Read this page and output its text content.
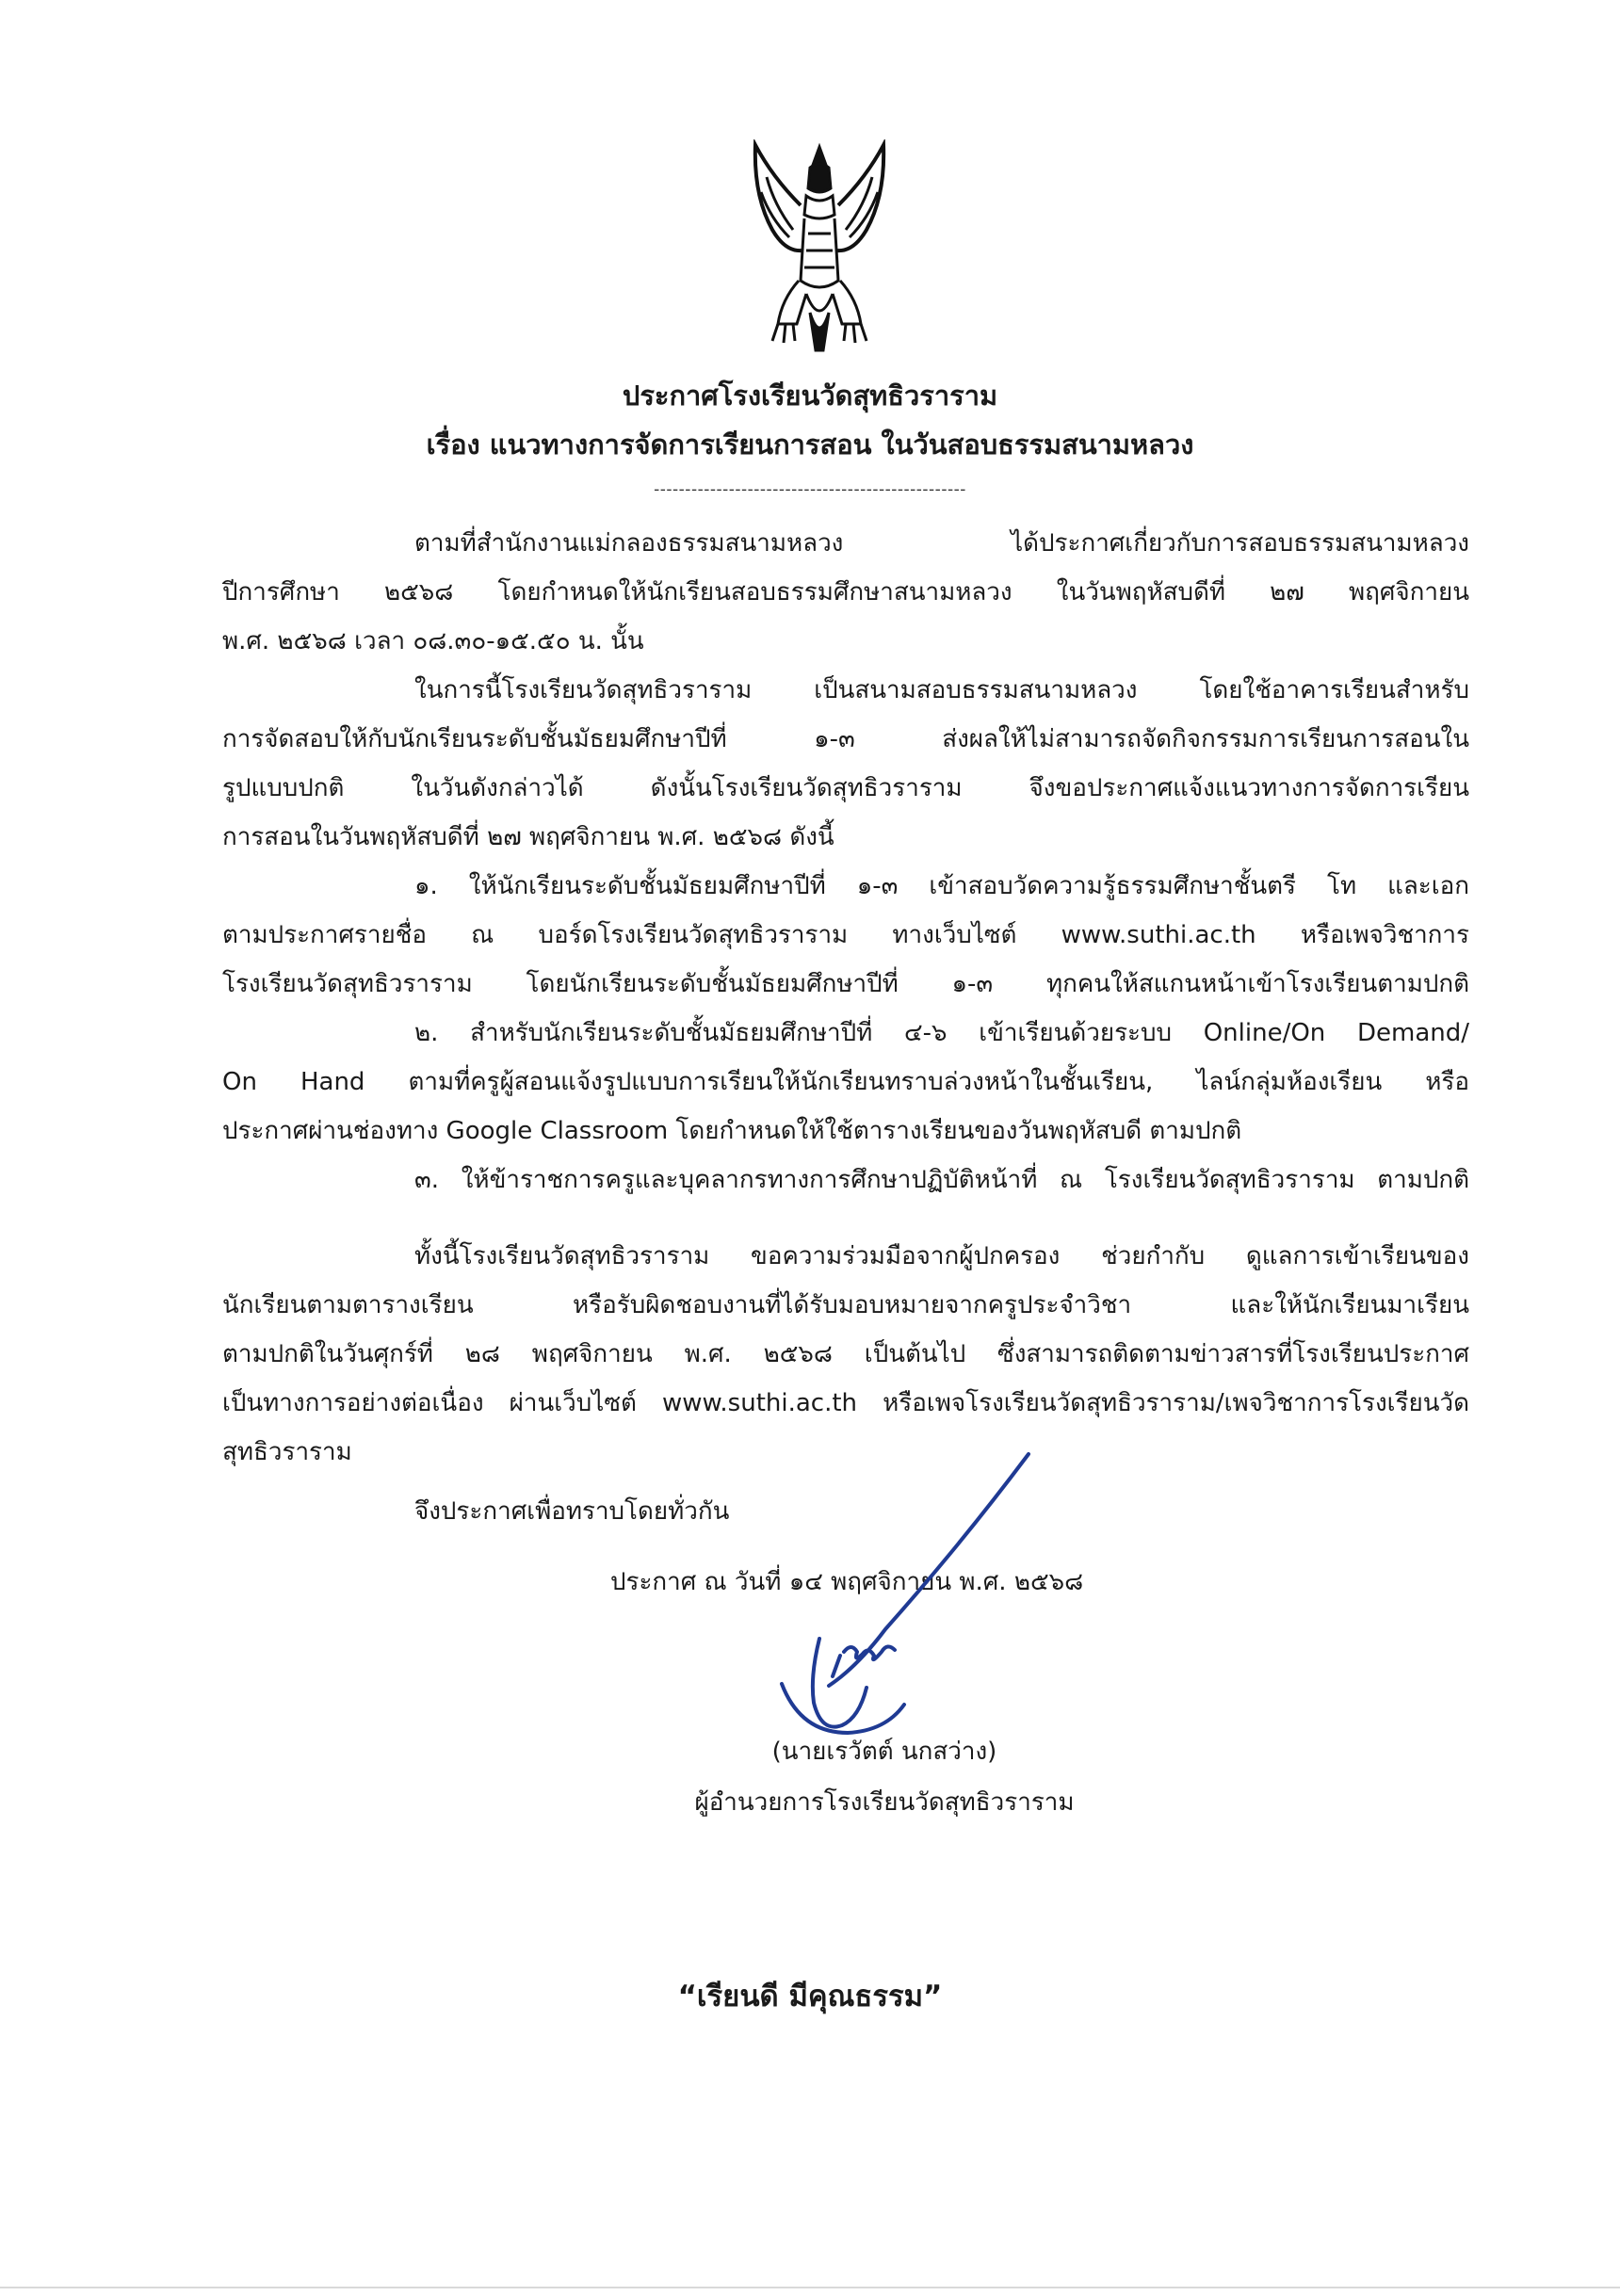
ประกาศโรงเรียนวัดสุทธิวราราม
เรื่อง แนวทางการจัดการเรียนการสอน ในวันสอบธรรมสนามหลวง
--------------------------------------------------
ตามที่สำนักงานแม่กลองธรรมสนามหลวง ได้ประกาศเกี่ยวกับการสอบธรรมสนามหลวง
ปีการศึกษา ๒๕๖๘ โดยกำหนดให้นักเรียนสอบธรรมศึกษาสนามหลวง ในวันพฤหัสบดีที่ ๒๗ พฤศจิกายน
พ.ศ. ๒๕๖๘ เวลา ๐๘.๓๐-๑๕.๕๐ น. นั้น
ในการนี้โรงเรียนวัดสุทธิวราราม เป็นสนามสอบธรรมสนามหลวง โดยใช้อาคารเรียนสำหรับ
การจัดสอบให้กับนักเรียนระดับชั้นมัธยมศึกษาปีที่ ๑-๓ ส่งผลให้ไม่สามารถจัดกิจกรรมการเรียนการสอนใน
รูปแบบปกติ ในวันดังกล่าวได้ ดังนั้นโรงเรียนวัดสุทธิวราราม จึงขอประกาศแจ้งแนวทางการจัดการเรียน
การสอนในวันพฤหัสบดีที่ ๒๗ พฤศจิกายน พ.ศ. ๒๕๖๘ ดังนี้
๑. ให้นักเรียนระดับชั้นมัธยมศึกษาปีที่ ๑-๓ เข้าสอบวัดความรู้ธรรมศึกษาชั้นตรี โท และเอก
ตามประกาศรายชื่อ ณ บอร์ดโรงเรียนวัดสุทธิวราราม ทางเว็บไซต์ www.suthi.ac.th หรือเพจวิชาการ
โรงเรียนวัดสุทธิวราราม โดยนักเรียนระดับชั้นมัธยมศึกษาปีที่ ๑-๓ ทุกคนให้สแกนหน้าเข้าโรงเรียนตามปกติ
๒. สำหรับนักเรียนระดับชั้นมัธยมศึกษาปีที่ ๔-๖ เข้าเรียนด้วยระบบ Online/On Demand/
On Hand ตามที่ครูผู้สอนแจ้งรูปแบบการเรียนให้นักเรียนทราบล่วงหน้าในชั้นเรียน, ไลน์กลุ่มห้องเรียน หรือ
ประกาศผ่านช่องทาง Google Classroom โดยกำหนดให้ใช้ตารางเรียนของวันพฤหัสบดี ตามปกติ
๓. ให้ข้าราชการครูและบุคลากรทางการศึกษาปฏิบัติหน้าที่ ณ โรงเรียนวัดสุทธิวราราม ตามปกติ
ทั้งนี้โรงเรียนวัดสุทธิวราราม ขอความร่วมมือจากผู้ปกครอง ช่วยกำกับ ดูแลการเข้าเรียนของ
นักเรียนตามตารางเรียน หรือรับผิดชอบงานที่ได้รับมอบหมายจากครูประจำวิชา และให้นักเรียนมาเรียน
ตามปกติในวันศุกร์ที่ ๒๘ พฤศจิกายน พ.ศ. ๒๕๖๘ เป็นต้นไป ซึ่งสามารถติดตามข่าวสารที่โรงเรียนประกาศ
เป็นทางการอย่างต่อเนื่อง ผ่านเว็บไซต์ www.suthi.ac.th หรือเพจโรงเรียนวัดสุทธิวราราม/เพจวิชาการโรงเรียนวัด
สุทธิวราราม
จึงประกาศเพื่อทราบโดยทั่วกัน
ประกาศ ณ วันที่ ๑๔ พฤศจิกายน พ.ศ. ๒๕๖๘
(นายเรวัตต์ นกสว่าง)
ผู้อำนวยการโรงเรียนวัดสุทธิวราราม
“เรียนดี มีคุณธรรม”
